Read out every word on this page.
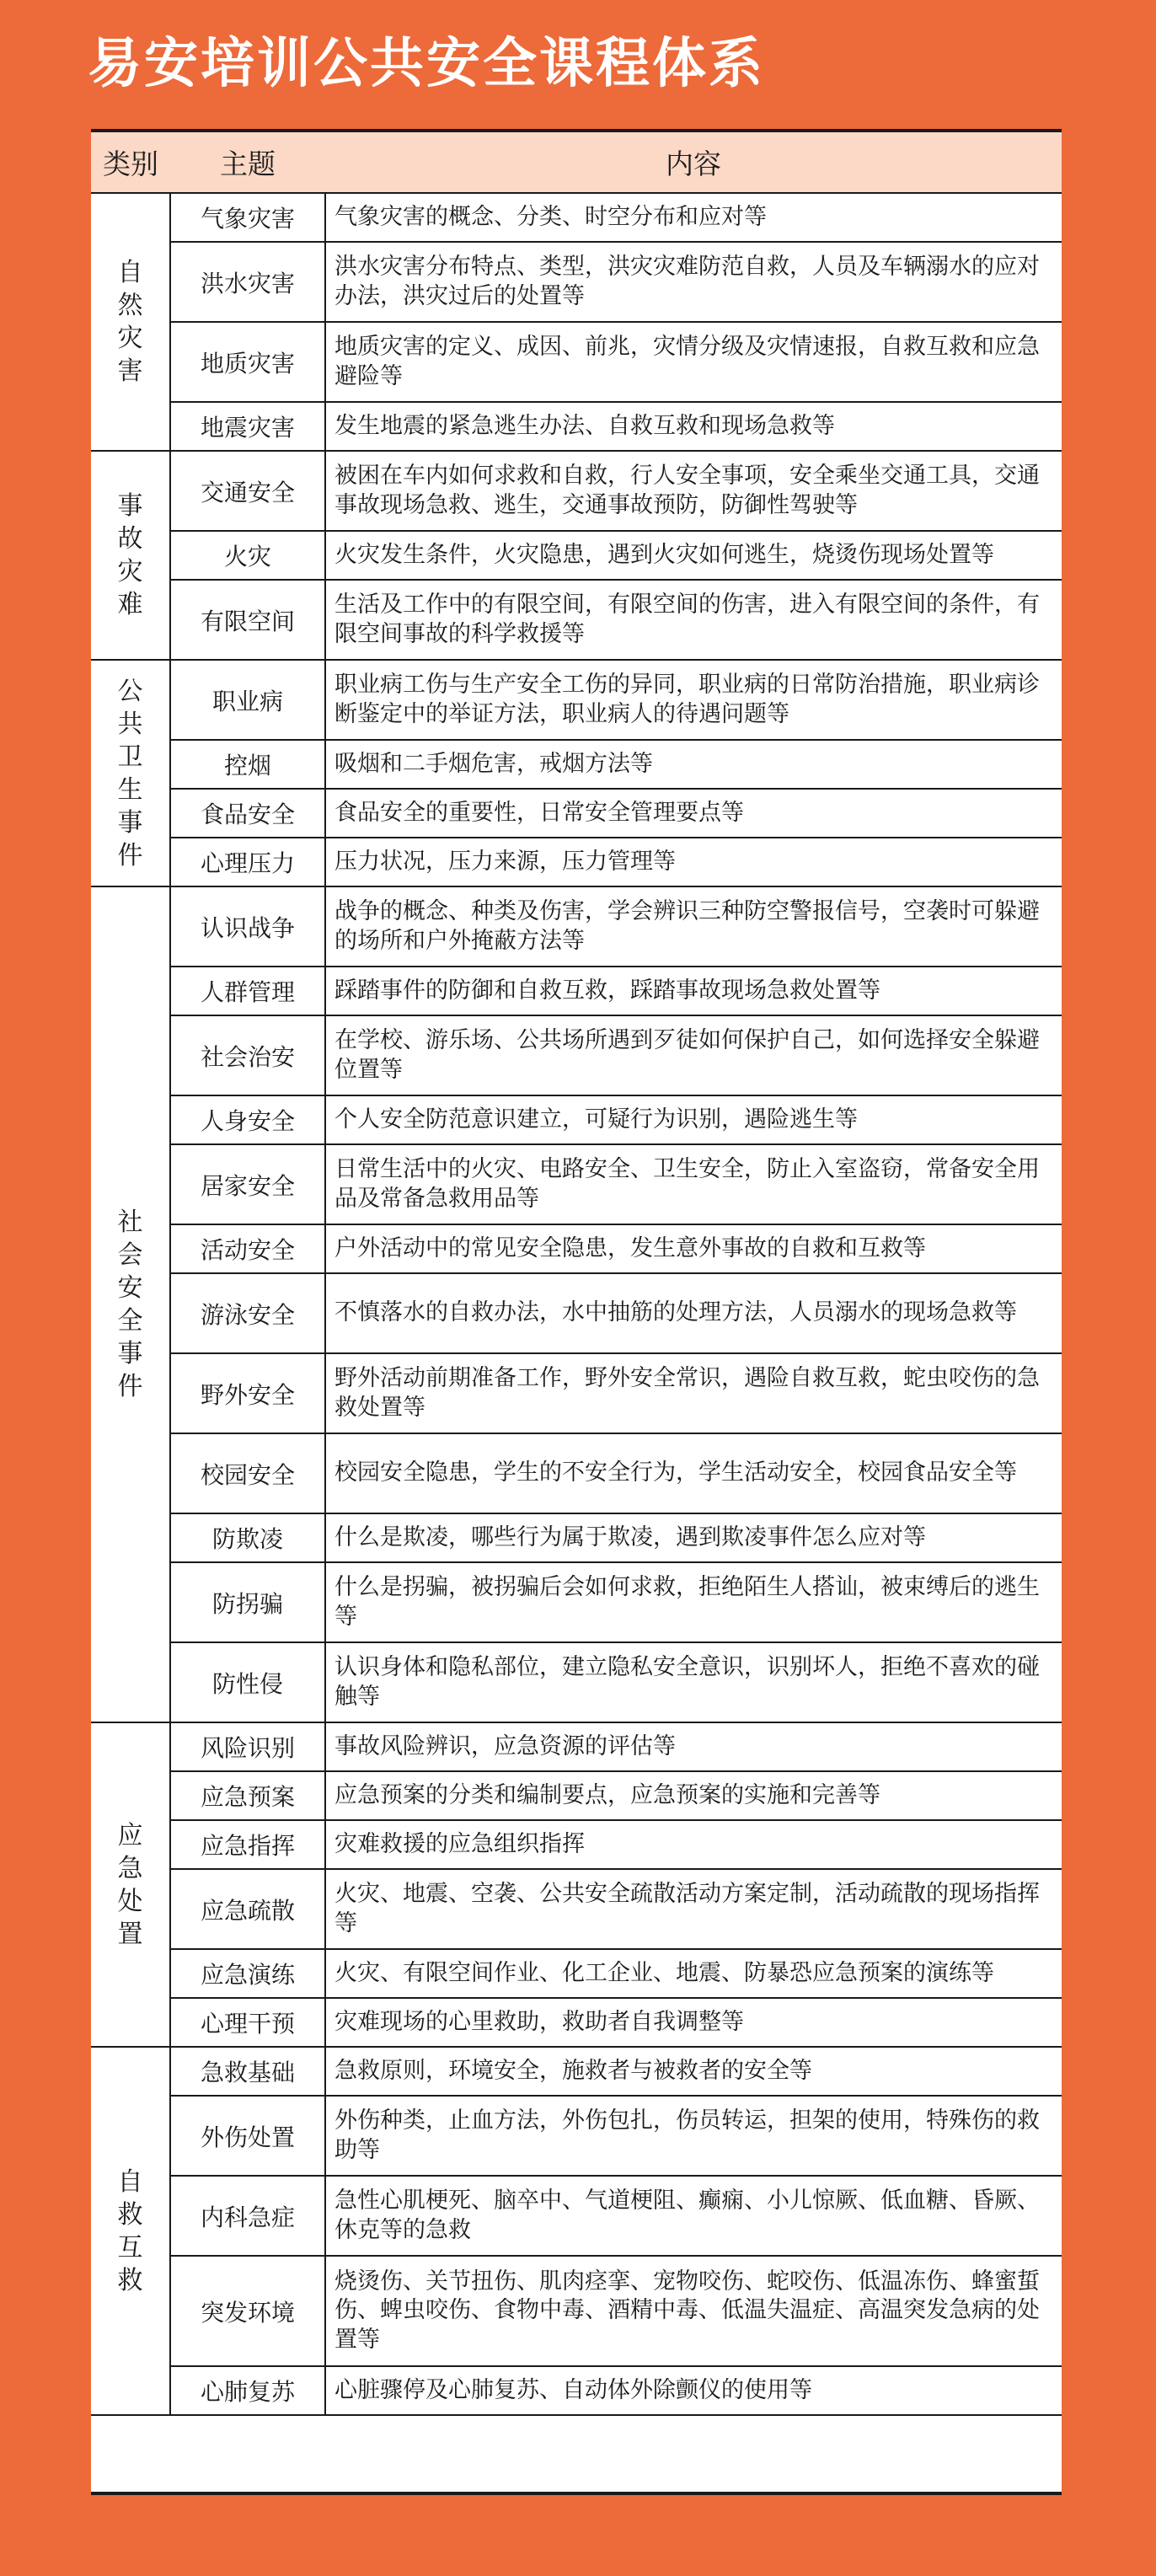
易安培训公共安全课程体系
类别	主题	内容
自然灾害	气象灾害	气象灾害的概念、分类、时空分布和应对等
	洪水灾害	洪水灾害分布特点、类型，洪灾灾难防范自救，人员及车辆溺水的应对办法，洪灾过后的处置等
	地质灾害	地质灾害的定义、成因、前兆，灾情分级及灾情速报，自救互救和应急避险等
	地震灾害	发生地震的紧急逃生办法、自救互救和现场急救等
事故灾难	交通安全	被困在车内如何求救和自救，行人安全事项，安全乘坐交通工具，交通事故现场急救、逃生，交通事故预防，防御性驾驶等
	火灾	火灾发生条件，火灾隐患，遇到火灾如何逃生，烧烫伤现场处置等
	有限空间	生活及工作中的有限空间，有限空间的伤害，进入有限空间的条件，有限空间事故的科学救援等
公共卫生事件	职业病	职业病工伤与生产安全工伤的异同，职业病的日常防治措施，职业病诊断鉴定中的举证方法，职业病人的待遇问题等
	控烟	吸烟和二手烟危害，戒烟方法等
	食品安全	食品安全的重要性，日常安全管理要点等
	心理压力	压力状况，压力来源，压力管理等
社会安全事件	认识战争	战争的概念、种类及伤害，学会辨识三种防空警报信号，空袭时可躲避的场所和户外掩蔽方法等
	人群管理	踩踏事件的防御和自救互救，踩踏事故现场急救处置等
	社会治安	在学校、游乐场、公共场所遇到歹徒如何保护自己，如何选择安全躲避位置等
	人身安全	个人安全防范意识建立，可疑行为识别，遇险逃生等
	居家安全	日常生活中的火灾、电路安全、卫生安全，防止入室盗窃，常备安全用品及常备急救用品等
	活动安全	户外活动中的常见安全隐患，发生意外事故的自救和互救等
	游泳安全	不慎落水的自救办法，水中抽筋的处理方法，人员溺水的现场急救等
	野外安全	野外活动前期准备工作，野外安全常识，遇险自救互救，蛇虫咬伤的急救处置等
	校园安全	校园安全隐患，学生的不安全行为，学生活动安全，校园食品安全等
	防欺凌	什么是欺凌，哪些行为属于欺凌，遇到欺凌事件怎么应对等
	防拐骗	什么是拐骗，被拐骗后会如何求救，拒绝陌生人搭讪，被束缚后的逃生等
	防性侵	认识身体和隐私部位，建立隐私安全意识，识别坏人，拒绝不喜欢的碰触等
应急处置	风险识别	事故风险辨识，应急资源的评估等
	应急预案	应急预案的分类和编制要点，应急预案的实施和完善等
	应急指挥	灾难救援的应急组织指挥
	应急疏散	火灾、地震、空袭、公共安全疏散活动方案定制，活动疏散的现场指挥等
	应急演练	火灾、有限空间作业、化工企业、地震、防暴恐应急预案的演练等
	心理干预	灾难现场的心里救助，救助者自我调整等
自救互救	急救基础	急救原则，环境安全，施救者与被救者的安全等
	外伤处置	外伤种类，止血方法，外伤包扎，伤员转运，担架的使用，特殊伤的救助等
	内科急症	急性心肌梗死、脑卒中、气道梗阻、癫痫、小儿惊厥、低血糖、昏厥、休克等的急救
	突发环境	烧烫伤、关节扭伤、肌肉痉挛、宠物咬伤、蛇咬伤、低温冻伤、蜂蜜蜇伤、蜱虫咬伤、食物中毒、酒精中毒、低温失温症、高温突发急病的处置等
	心肺复苏	心脏骤停及心肺复苏、自动体外除颤仪的使用等
